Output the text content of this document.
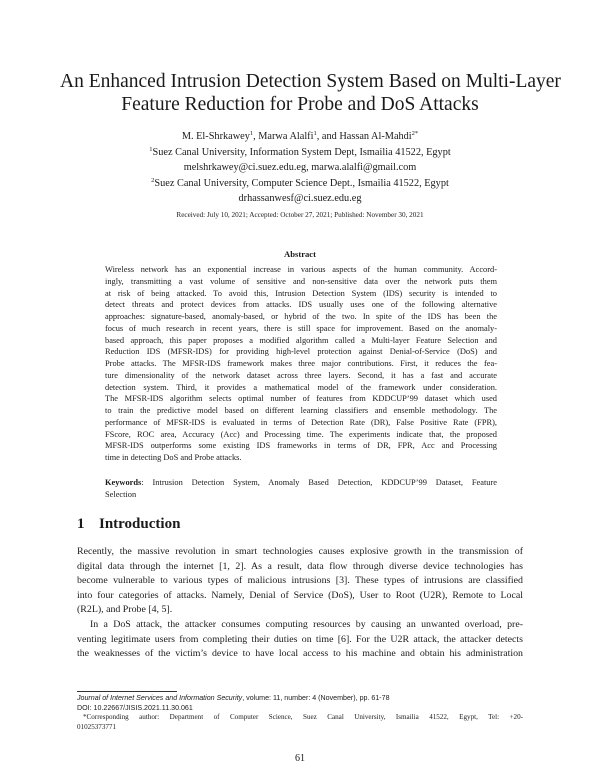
An Enhanced Intrusion Detection System Based on Multi-Layer
Feature Reduction for Probe and DoS Attacks
M. El-Shrkawey$^1$, Marwa Alalfi$^1$, and Hassan Al-Mahdi$^{2*}$
$^1$Suez Canal University, Information System Dept, Ismailia 41522, Egypt
melshrkawey@ci.suez.edu.eg, marwa.alalfi@gmail.com
$^2$Suez Canal University, Computer Science Dept., Ismailia 41522, Egypt
drhassanwesf@ci.suez.edu.eg
Received: July 10, 2021; Accepted: October 27, 2021; Published: November 30, 2021
Abstract
Wireless network has an exponential increase in various aspects of the human community. Accord-
ingly, transmitting a vast volume of sensitive and non-sensitive data over the network puts them
at risk of being attacked. To avoid this, Intrusion Detection System (IDS) security is intended to
detect threats and protect devices from attacks. IDS usually uses one of the following alternative
approaches: signature-based, anomaly-based, or hybrid of the two. In spite of the IDS has been the
focus of much research in recent years, there is still space for improvement. Based on the anomaly-
based approach, this paper proposes a modified algorithm called a Multi-layer Feature Selection and
Reduction IDS (MFSR-IDS) for providing high-level protection against Denial-of-Service (DoS) and
Probe attacks. The MFSR-IDS framework makes three major contributions. First, it reduces the fea-
ture dimensionality of the network dataset across three layers. Second, it has a fast and accurate
detection system. Third, it provides a mathematical model of the framework under consideration.
The MFSR-IDS algorithm selects optimal number of features from KDDCUP’99 dataset which used
to train the predictive model based on different learning classifiers and ensemble methodology. The
performance of MFSR-IDS is evaluated in terms of Detection Rate (DR), False Positive Rate (FPR),
FScore, ROC area, Accuracy (Acc) and Processing time. The experiments indicate that, the proposed
MFSR-IDS outperforms some existing IDS frameworks in terms of DR, FPR, Acc and Processing
time in detecting DoS and Probe attacks.
Keywords: Intrusion Detection System, Anomaly Based Detection, KDDCUP’99 Dataset, Feature
Selection
1 Introduction
Recently, the massive revolution in smart technologies causes explosive growth in the transmission of
digital data through the internet [1, 2]. As a result, data flow through diverse device technologies has
become vulnerable to various types of malicious intrusions [3]. These types of intrusions are classified
into four categories of attacks. Namely, Denial of Service (DoS), User to Root (U2R), Remote to Local
(R2L), and Probe [4, 5].
In a DoS attack, the attacker consumes computing resources by causing an unwanted overload, pre-
venting legitimate users from completing their duties on time [6]. For the U2R attack, the attacker detects
the weaknesses of the victim’s device to have local access to his machine and obtain his administration
Journal of Internet Services and Information Security, volume: 11, number: 4 (November), pp. 61-78
DOI: 10.22667/JISIS.2021.11.30.061
*Corresponding author: Department of Computer Science, Suez Canal University, Ismailia 41522, Egypt, Tel: +20-
01025373771
61
